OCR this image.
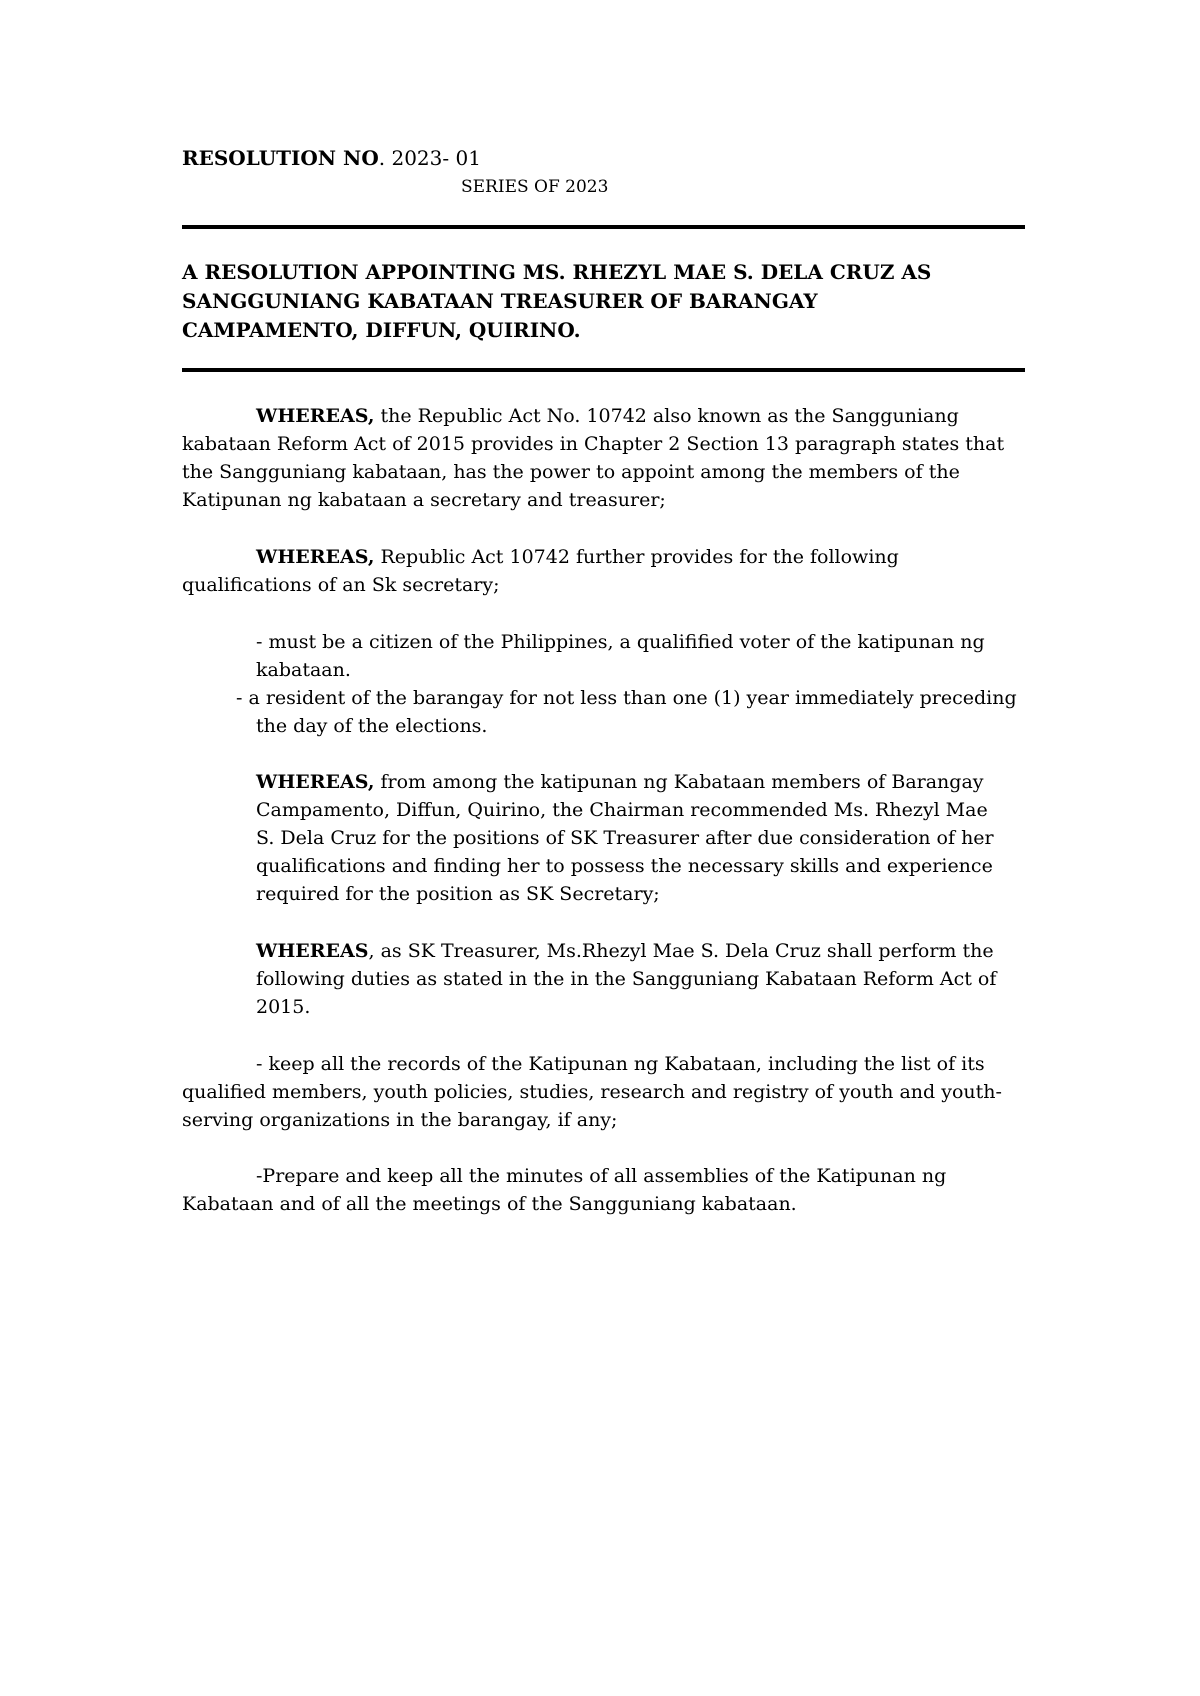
RESOLUTION NO. 2023- 01
SERIES OF 2023
A RESOLUTION APPOINTING MS. RHEZYL MAE S. DELA CRUZ AS
SANGGUNIANG KABATAAN TREASURER OF BARANGAY
CAMPAMENTO, DIFFUN, QUIRINO.
WHEREAS, the Republic Act No. 10742 also known as the Sangguniang
kabataan Reform Act of 2015 provides in Chapter 2 Section 13 paragraph states that
the Sangguniang kabataan, has the power to appoint among the members of the
Katipunan ng kabataan a secretary and treasurer;
WHEREAS, Republic Act 10742 further provides for the following
qualifications of an Sk secretary;
- must be a citizen of the Philippines, a qualifified voter of the katipunan ng
kabataan.
- a resident of the barangay for not less than one (1) year immediately preceding
the day of the elections.
WHEREAS, from among the katipunan ng Kabataan members of Barangay
Campamento, Diffun, Quirino, the Chairman recommended Ms. Rhezyl Mae
S. Dela Cruz for the positions of SK Treasurer after due consideration of her
qualifications and finding her to possess the necessary skills and experience
required for the position as SK Secretary;
WHEREAS, as SK Treasurer, Ms.Rhezyl Mae S. Dela Cruz shall perform the
following duties as stated in the in the Sangguniang Kabataan Reform Act of
2015.
- keep all the records of the Katipunan ng Kabataan, including the list of its
qualified members, youth policies, studies, research and registry of youth and youth-
serving organizations in the barangay, if any;
-Prepare and keep all the minutes of all assemblies of the Katipunan ng
Kabataan and of all the meetings of the Sangguniang kabataan.
